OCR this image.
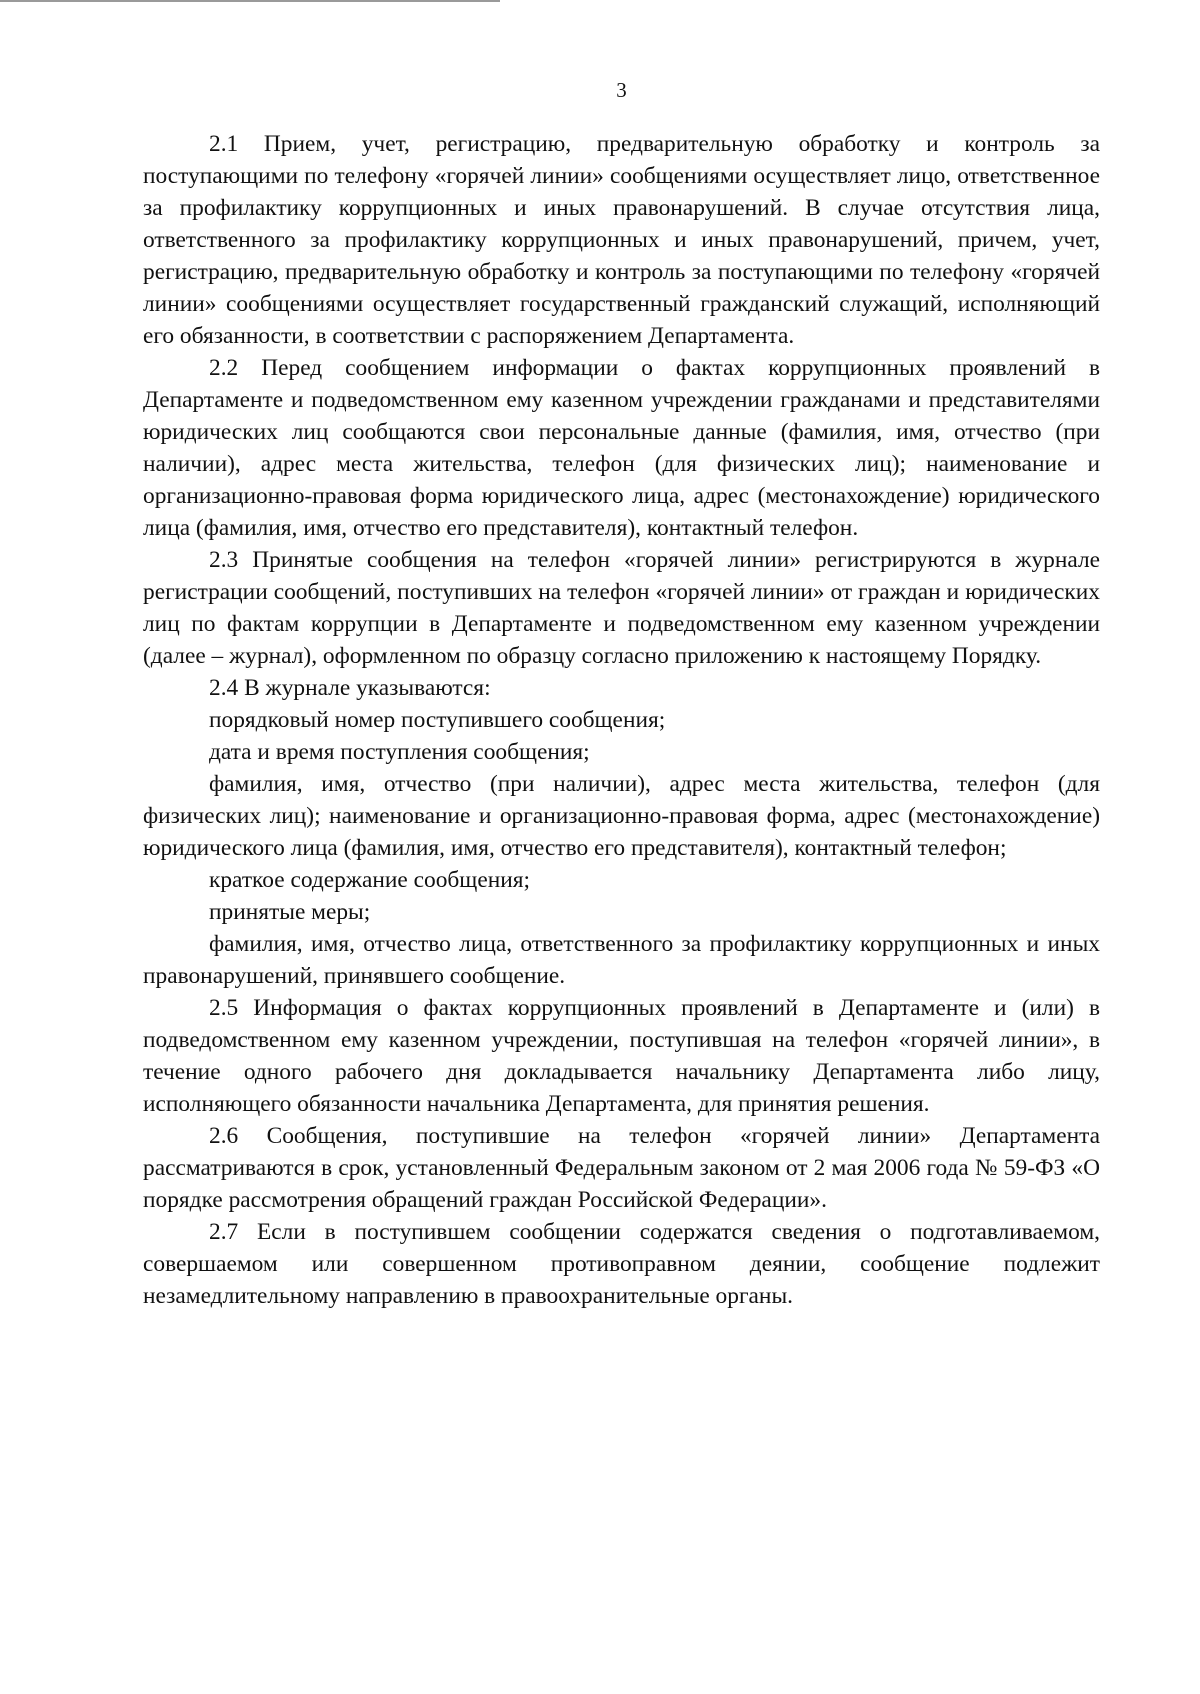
3

2.1 Прием, учет, регистрацию, предварительную обработку и контроль за поступающими по телефону «горячей линии» сообщениями осуществляет лицо, ответственное за профилактику коррупционных и иных правонарушений. В случае отсутствия лица, ответственного за профилактику коррупционных и иных правонарушений, причем, учет, регистрацию, предварительную обработку и контроль за поступающими по телефону «горячей линии» сообщениями осуществляет государственный гражданский служащий, исполняющий его обязанности, в соответствии с распоряжением Департамента.

2.2 Перед сообщением информации о фактах коррупционных проявлений в Департаменте и подведомственном ему казенном учреждении гражданами и представителями юридических лиц сообщаются свои персональные данные (фамилия, имя, отчество (при наличии), адрес места жительства, телефон (для физических лиц); наименование и организационно-правовая форма юридического лица, адрес (местонахождение) юридического лица (фамилия, имя, отчество его представителя), контактный телефон.

2.3 Принятые сообщения на телефон «горячей линии» регистрируются в журнале регистрации сообщений, поступивших на телефон «горячей линии» от граждан и юридических лиц по фактам коррупции в Департаменте и подведомственном ему казенном учреждении (далее – журнал), оформленном по образцу согласно приложению к настоящему Порядку.

2.4 В журнале указываются:

порядковый номер поступившего сообщения;

дата и время поступления сообщения;

фамилия, имя, отчество (при наличии), адрес места жительства, телефон (для физических лиц); наименование и организационно-правовая форма, адрес (местонахождение) юридического лица (фамилия, имя, отчество его представителя), контактный телефон;

краткое содержание сообщения;

принятые меры;

фамилия, имя, отчество лица, ответственного за профилактику коррупционных и иных правонарушений, принявшего сообщение.

2.5 Информация о фактах коррупционных проявлений в Департаменте и (или) в подведомственном ему казенном учреждении, поступившая на телефон «горячей линии», в течение одного рабочего дня докладывается начальнику Департамента либо лицу, исполняющего обязанности начальника Департамента, для принятия решения.

2.6 Сообщения, поступившие на телефон «горячей линии» Департамента рассматриваются в срок, установленный Федеральным законом от 2 мая 2006 года № 59-ФЗ «О порядке рассмотрения обращений граждан Российской Федерации».

2.7 Если в поступившем сообщении содержатся сведения о подготавливаемом, совершаемом или совершенном противоправном деянии, сообщение подлежит незамедлительному направлению в правоохранительные органы.
